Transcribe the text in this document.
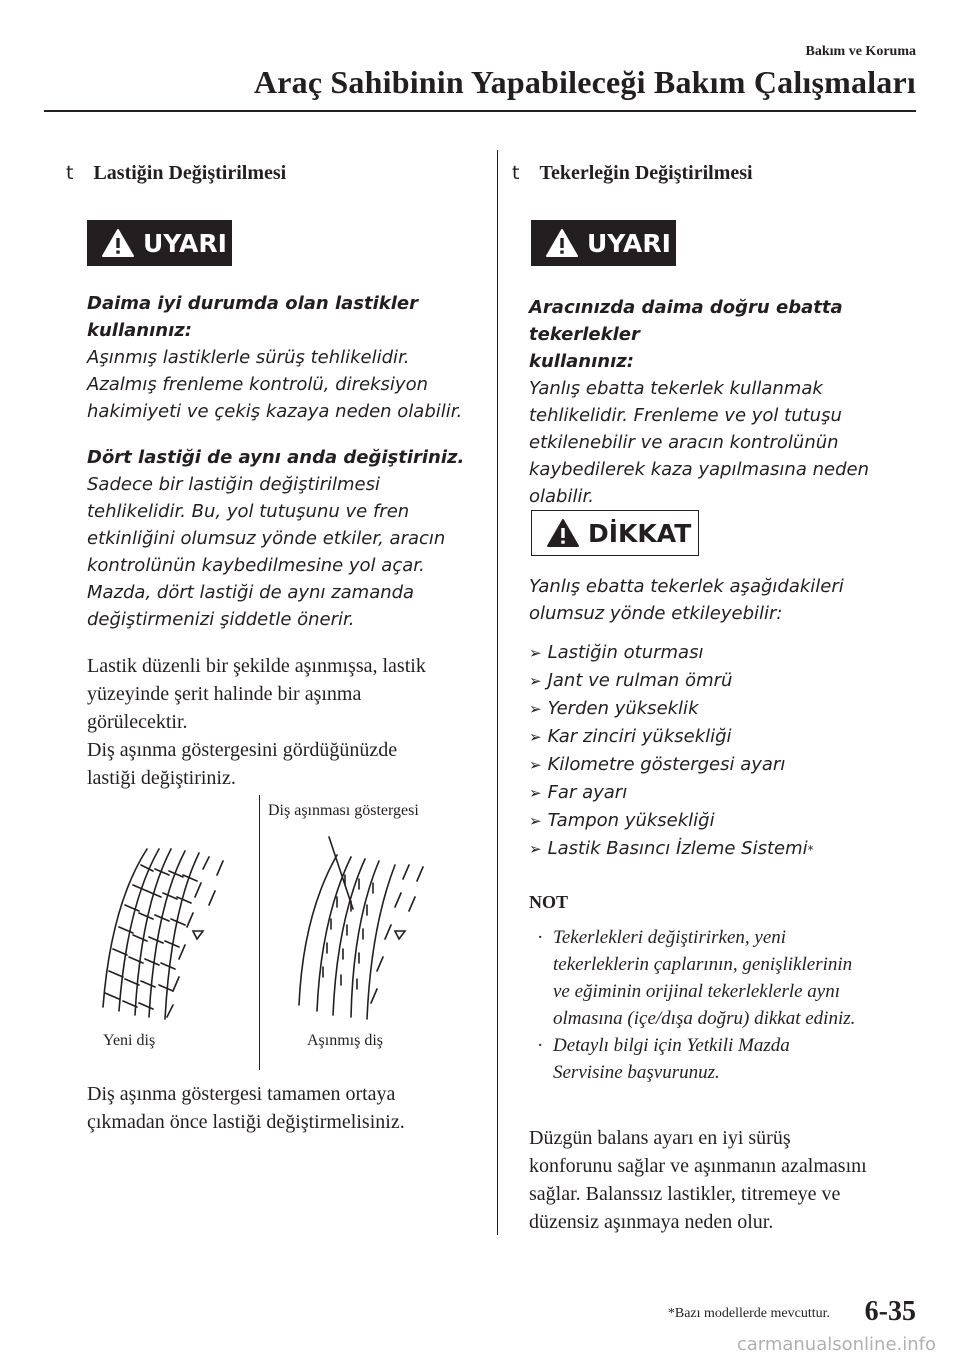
Bakım ve Koruma
Araç Sahibinin Yapabileceği Bakım Çalışmaları
t Lastiğin Değiştirilmesi
UYARI

Daima iyi durumda olan lastikler

kullanınız:

Aşınmış lastiklerle sürüş tehlikelidir.

Azalmış frenleme kontrolü, direksiyon

hakimiyeti ve çekiş kazaya neden olabilir.

Dört lastiği de aynı anda değiştiriniz.

Sadece bir lastiğin değiştirilmesi

tehlikelidir. Bu, yol tutuşunu ve fren

etkinliğini olumsuz yönde etkiler, aracın

kontrolünün kaybedilmesine yol açar.

Mazda, dört lastiği de aynı zamanda

değiştirmenizi şiddetle önerir.

Lastik düzenli bir şekilde aşınmışsa, lastik
yüzeyinde şerit halinde bir aşınma
görülecektir.
Diş aşınma göstergesini gördüğünüzde
lastiği değiştiriniz.
Diş aşınması göstergesi
Yeni diş	Aşınmış diş
Diş aşınma göstergesi tamamen ortaya
çıkmadan önce lastiği değiştirmelisiniz.
t Tekerleğin Değiştirilmesi
UYARI

Aracınızda daima doğru ebatta tekerlekler

kullanınız:

Yanlış ebatta tekerlek kullanmak

tehlikelidir. Frenleme ve yol tutuşu

etkilenebilir ve aracın kontrolünün

kaybedilerek kaza yapılmasına neden

olabilir.

DİKKAT

Yanlış ebatta tekerlek aşağıdakileri

olumsuz yönde etkileyebilir:

➢ Lastiğin oturması
➢ Jant ve rulman ömrü
➢ Yerden yükseklik
➢ Kar zinciri yüksekliği
➢ Kilometre göstergesi ayarı
➢ Far ayarı
➢ Tampon yüksekliği
➢ Lastik Basıncı İzleme Sistemi *
NOT
· Tekerlekleri değiştirirken, yeni
tekerleklerin çaplarının, genişliklerinin
ve eğiminin orijinal tekerleklerle aynı
olmasına (içe/dışa doğru) dikkat ediniz.
· Detaylı bilgi için Yetkili Mazda
Servisine başvurunuz.
Düzgün balans ayarı en iyi sürüş
konforunu sağlar ve aşınmanın azalmasını
sağlar. Balanssız lastikler, titremeye ve
düzensiz aşınmaya neden olur.
*Bazı modellerde mevcuttur. 6-35
carmanualsonline.info
